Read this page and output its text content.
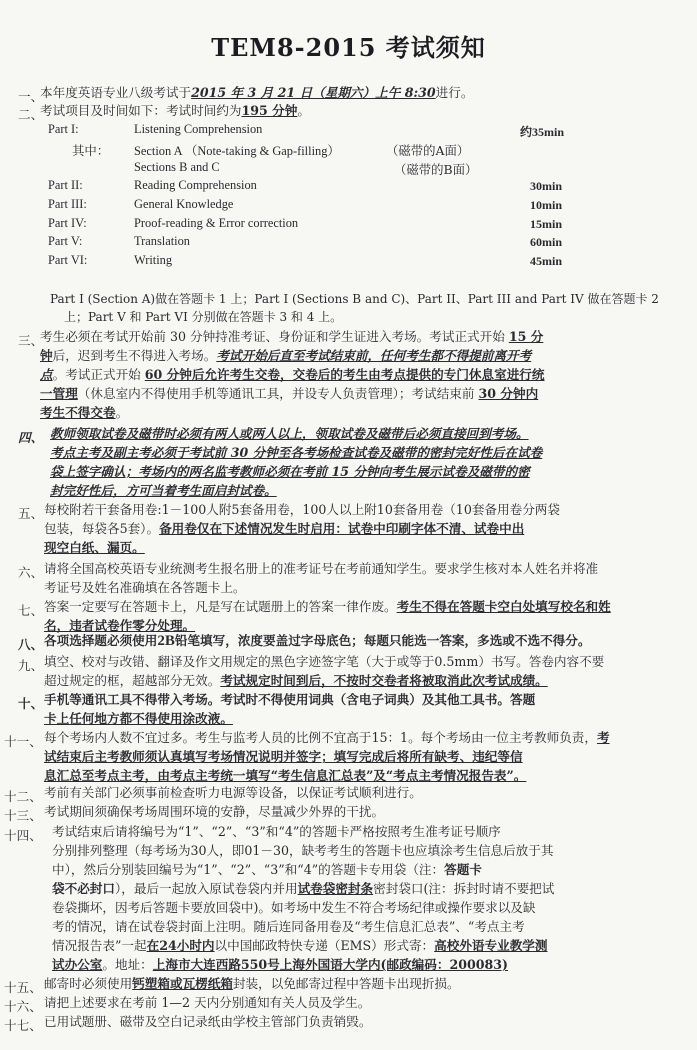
TEM8-2015 考试须知
一、
本年度英语专业八级考试于2015 年 3 月 21 日（星期六）上午 8:30进行。
二、
考试项目及时间如下：考试时间约为195 分钟。
Part I:	Listening Comprehension	约35min
其中： Section A （Note-taking & Gap-filling）	（磁带的A面）
Sections B and C	（磁带的B面）
Part II:	Reading Comprehension	30min
Part III:	General Knowledge	10min
Part IV:	Proof-reading & Error correction	15min
Part V:	Translation	60min
Part VI:	Writing	45min
Part I (Section A)做在答题卡 1 上；Part I (Sections B and C)、Part II、Part III and Part IV 做在答题卡 2
上；Part V 和 Part VI 分别做在答题卡 3 和 4 上。
三、
考生必须在考试开始前 30 分钟持准考证、身份证和学生证进入考场。考试正式开始 15 分
钟后，迟到考生不得进入考场。考试开始后直至考试结束前，任何考生都不得提前离开考
点。考试正式开始 60 分钟后允许考生交卷，交卷后的考生由考点提供的专门休息室进行统
一管理（休息室内不得使用手机等通讯工具，并设专人负责管理）；考试结束前 30 分钟内
考生不得交卷。
四、 教师领取试卷及磁带时必须有两人或两人以上，领取试卷及磁带后必须直接回到考场。
考点主考及副主考必须于考试前 30 分钟至各考场检查试卷及磁带的密封完好性后在试卷
袋上签字确认；考场内的两名监考教师必须在考前 15 分钟向考生展示试卷及磁带的密
封完好性后，方可当着考生面启封试卷。
五、 每校附若干套备用卷:1－100人附5套备用卷，100人以上附10套备用卷（10套备用卷分两袋
包装，每袋各5套）。备用卷仅在下述情况发生时启用：试卷中印刷字体不清、试卷中出
现空白纸、漏页。
六、 请将全国高校英语专业统测考生报名册上的准考证号在考前通知学生。要求学生核对本人姓名并将准
考证号及姓名准确填在各答题卡上。
七、 答案一定要写在答题卡上，凡是写在试题册上的答案一律作废。考生不得在答题卡空白处填写校名和姓
名，违者试卷作零分处理。
八、 各项选择题必须使用2B铅笔填写，浓度要盖过字母底色；每题只能选一答案，多选或不选不得分。
九、 填空、校对与改错、翻译及作文用规定的黑色字迹签字笔（大于或等于0.5mm）书写。答卷内容不要
超过规定的框，超越部分无效。考试规定时间到后，不按时交卷者将被取消此次考试成绩。
十、 手机等通讯工具不得带入考场。考试时不得使用词典（含电子词典）及其他工具书。答题
卡上任何地方都不得使用涂改液。
十一、 每个考场内人数不宜过多。考生与监考人员的比例不宜高于15：1。每个考场由一位主考教师负责，考
试结束后主考教师须认真填写考场情况说明并签字；填写完成后将所有缺考、违纪等信
息汇总至考点主考，由考点主考统一填写“考生信息汇总表”及“考点主考情况报告表”。
十二、 考前有关部门必须事前检查听力电源等设备，以保证考试顺利进行。
十三、 考试期间须确保考场周围环境的安静，尽量减少外界的干扰。
十四、 考试结束后请将编号为“1”、“2”、“3”和“4”的答题卡严格按照考生准考证号顺序
分别排列整理（每考场为30人，即01－30，缺考考生的答题卡也应填涂考生信息后放于其
中），然后分别装回编号为“1”、“2”、“3”和“4”的答题卡专用袋（注：答题卡
袋不必封口），最后一起放入原试卷袋内并用试卷袋密封条密封袋口(注：拆封时请不要把试
卷袋撕坏，因考后答题卡要放回袋中)。如考场中发生不符合考场纪律或操作要求以及缺
考的情况，请在试卷袋封面上注明。随后连同备用卷及“考生信息汇总表”、“考点主考
情况报告表”一起在24小时内以中国邮政特快专递（EMS）形式寄：高校外语专业教学测
试办公室。地址：上海市大连西路550号上海外国语大学内(邮政编码：200083)
十五、 邮寄时必须使用钙塑箱或瓦楞纸箱封装，以免邮寄过程中答题卡出现折损。
十六、 请把上述要求在考前 1—2 天内分别通知有关人员及学生。
十七、 已用试题册、磁带及空白记录纸由学校主管部门负责销毁。
